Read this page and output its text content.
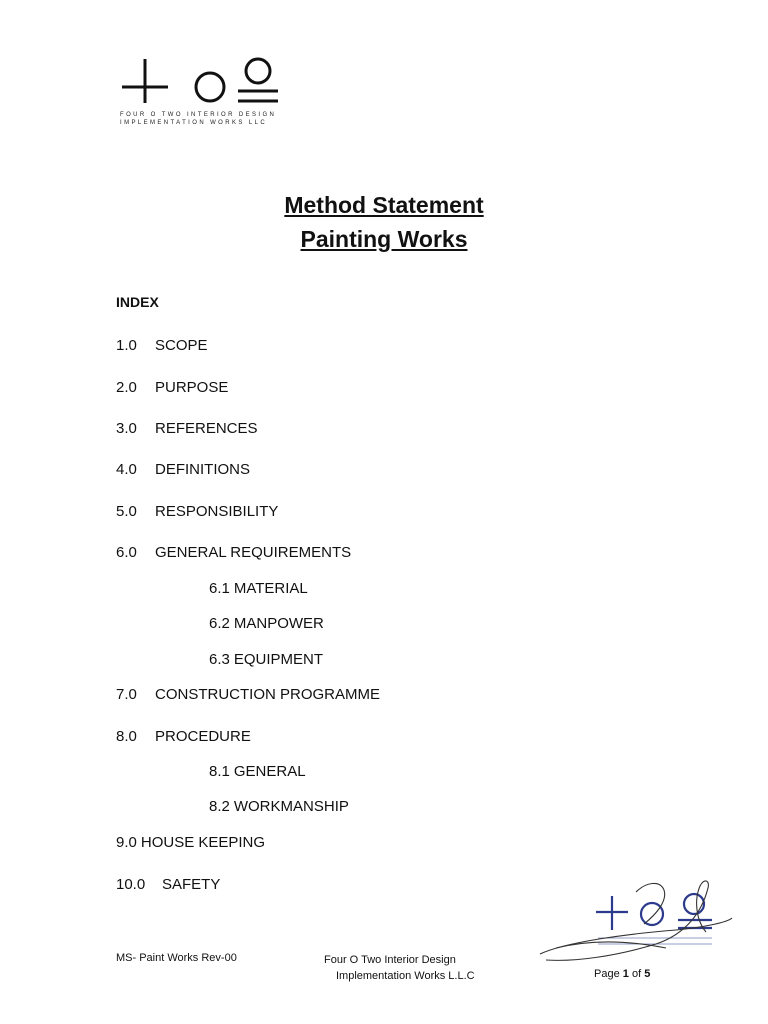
FOUR O TWO INTERIOR DESIGN
IMPLEMENTATION WORKS LLC
Method Statement
Painting Works
INDEX
1.0 SCOPE
2.0 PURPOSE
3.0 REFERENCES
4.0 DEFINITIONS
5.0 RESPONSIBILITY
6.0 GENERAL REQUIREMENTS
6.1 MATERIAL
6.2 MANPOWER
6.3 EQUIPMENT
7.0 CONSTRUCTION PROGRAMME
8.0 PROCEDURE
8.1 GENERAL
8.2 WORKMANSHIP
9.0 HOUSE KEEPING
10.0 SAFETY
MS- Paint Works Rev-00	Four O Two Interior Design
Implementation Works L.L.C	Page 1 of 5
